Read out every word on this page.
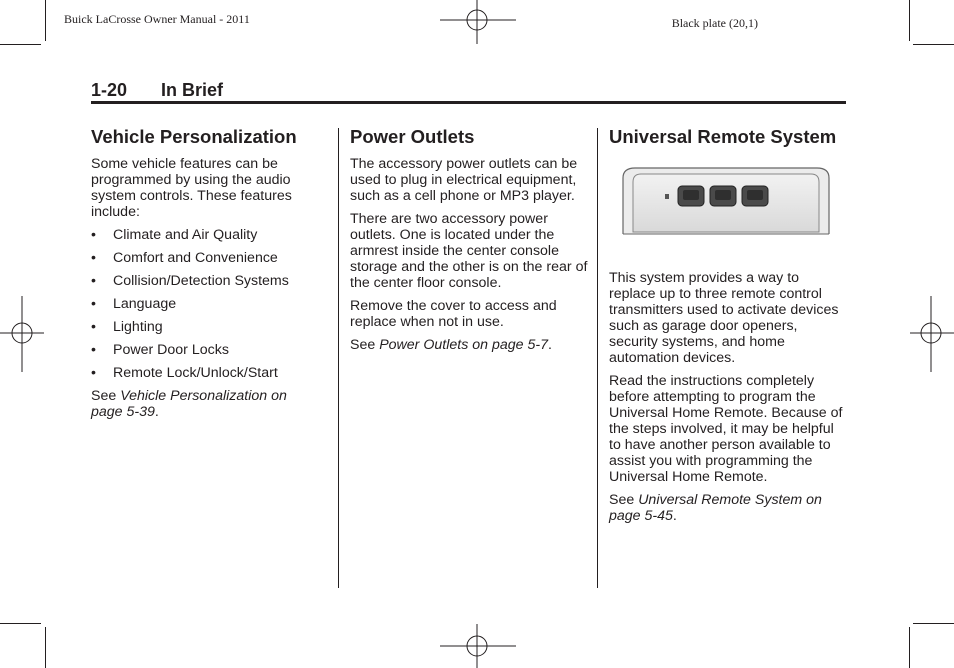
Buick LaCrosse Owner Manual - 2011	Black plate (20,1)
1-20 In Brief
Vehicle Personalization

Some vehicle features can be programmed by using the audio system controls. These features include:

• Climate and Air Quality
• Comfort and Convenience
• Collision/Detection Systems
• Language
• Lighting
• Power Door Locks
• Remote Lock/Unlock/Start

See Vehicle Personalization on page 5-39.

Power Outlets

The accessory power outlets can be used to plug in electrical equipment, such as a cell phone or MP3 player.

There are two accessory power outlets. One is located under the armrest inside the center console storage and the other is on the rear of the center floor console.

Remove the cover to access and replace when not in use.

See Power Outlets on page 5-7.

Universal Remote System

This system provides a way to replace up to three remote control transmitters used to activate devices such as garage door openers, security systems, and home automation devices.

Read the instructions completely before attempting to program the Universal Home Remote. Because of the steps involved, it may be helpful to have another person available to assist you with programming the Universal Home Remote.

See Universal Remote System on page 5-45.
